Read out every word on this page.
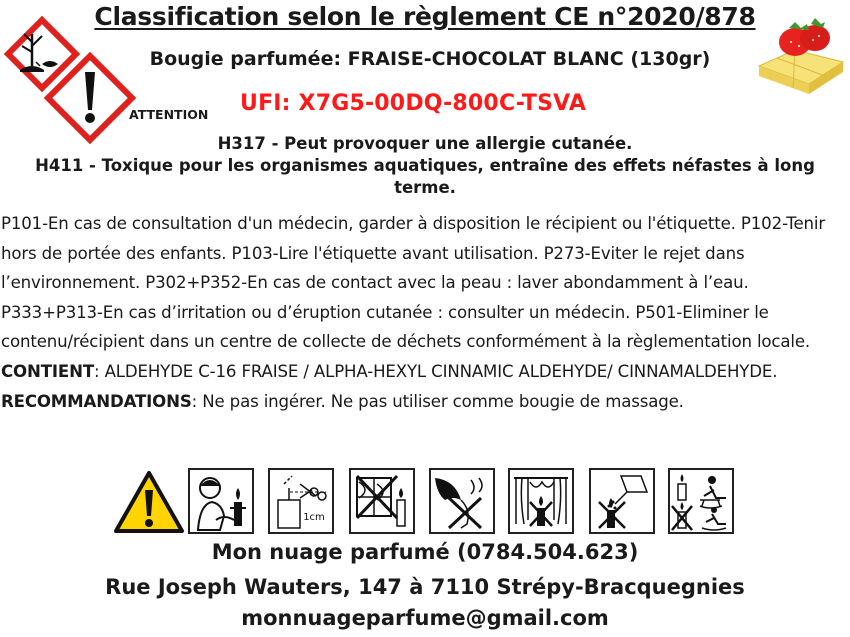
Classification selon le règlement CE n°2020/878
Bougie parfumée: FRAISE-CHOCOLAT BLANC (130gr)
ATTENTION UFI: X7G5-00DQ-800C-TSVA
H317 - Peut provoquer une allergie cutanée.
H411 - Toxique pour les organismes aquatiques, entraîne des effets néfastes à long terme.
P101-En cas de consultation d'un médecin, garder à disposition le récipient ou l'étiquette. P102-Tenir hors de portée des enfants. P103-Lire l'étiquette avant utilisation. P273-Eviter le rejet dans l’environnement. P302+P352-En cas de contact avec la peau : laver abondamment à l’eau. P333+P313-En cas d’irritation ou d’éruption cutanée : consulter un médecin. P501-Eliminer le contenu/récipient dans un centre de collecte de déchets conformément à la règlementation locale.
CONTIENT: ALDEHYDE C-16 FRAISE / ALPHA-HEXYL CINNAMIC ALDEHYDE/ CINNAMALDEHYDE.
RECOMMANDATIONS: Ne pas ingérer. Ne pas utiliser comme bougie de massage.
1cm
Mon nuage parfumé (0784.504.623)
Rue Joseph Wauters, 147 à 7110 Strépy-Bracquegnies
monnuageparfume@gmail.com
